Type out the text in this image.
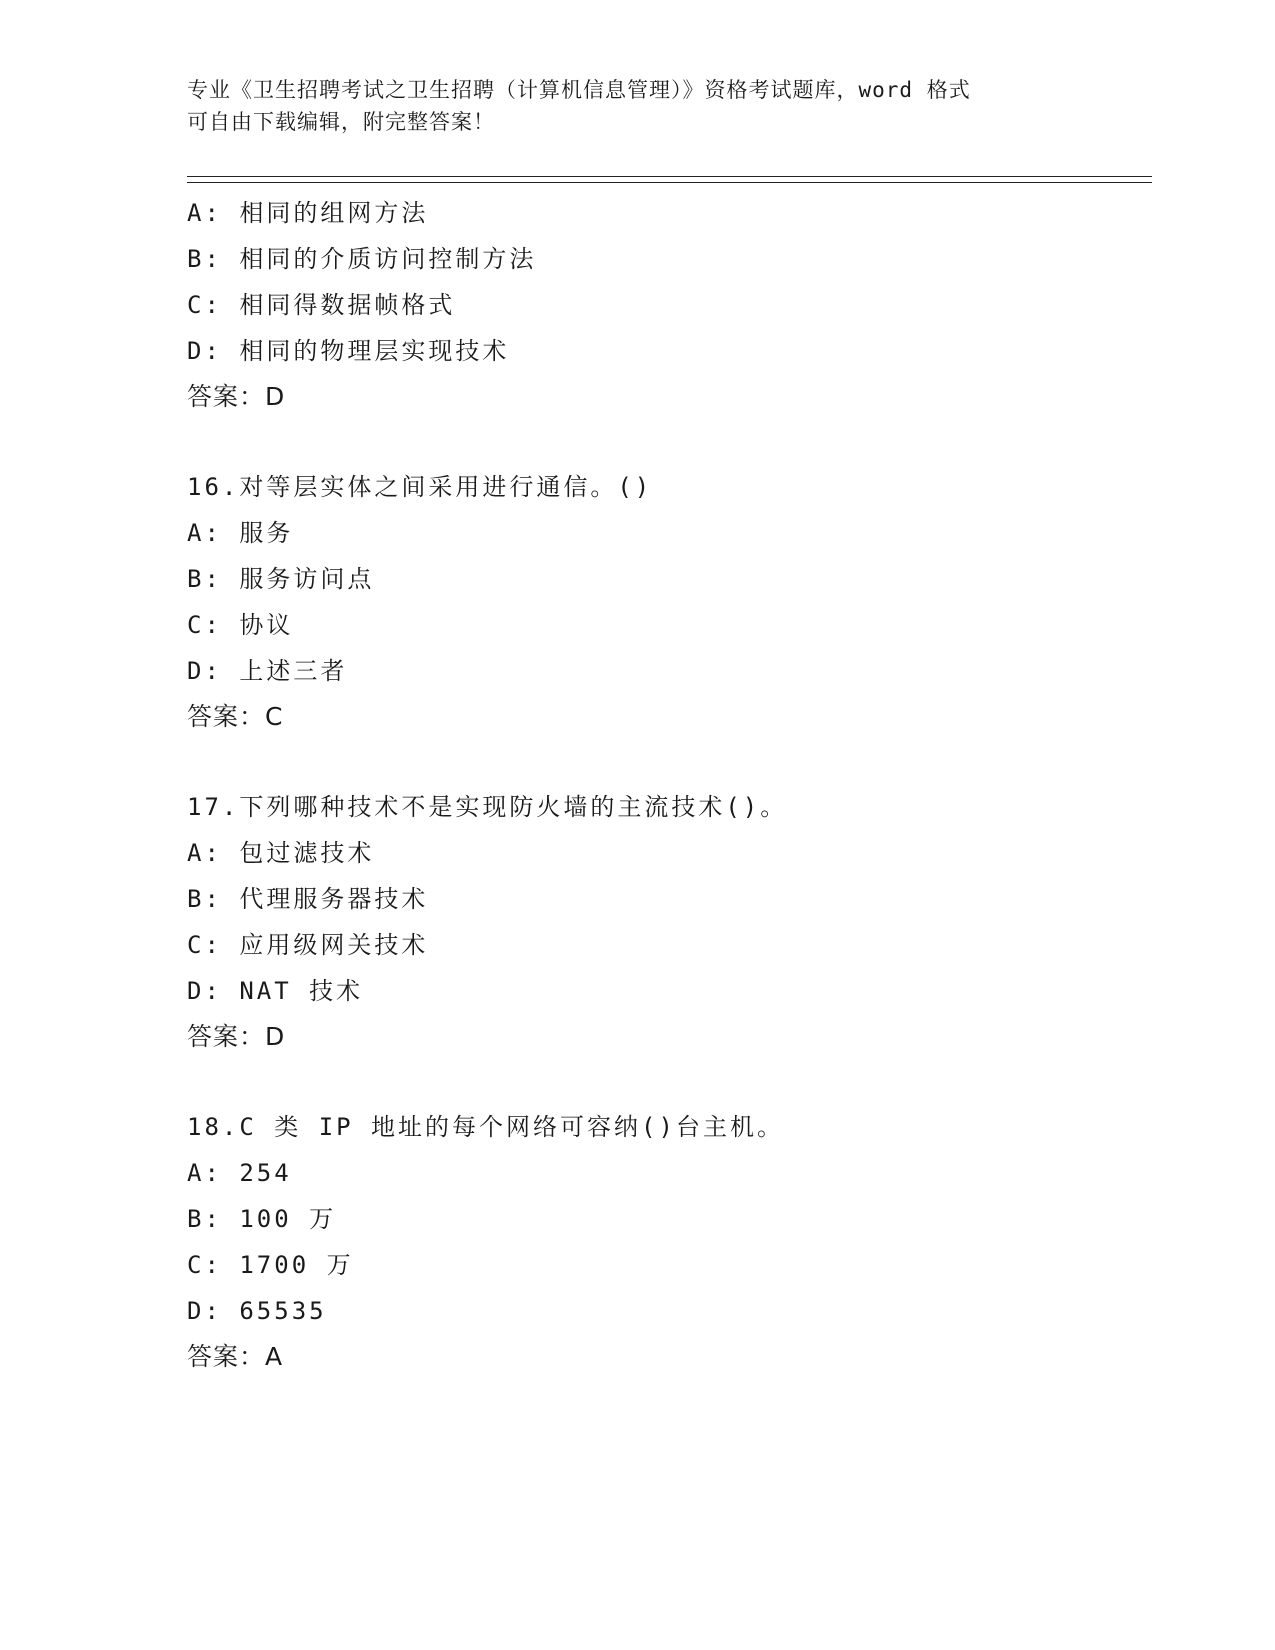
专业《卫生招聘考试之卫生招聘（计算机信息管理）》资格考试题库，word 格式
可自由下载编辑，附完整答案！
A: 相同的组网方法
B: 相同的介质访问控制方法
C: 相同得数据帧格式
D: 相同的物理层实现技术
答案：D
16.对等层实体之间采用进行通信。()
A: 服务
B: 服务访问点
C: 协议
D: 上述三者
答案：C
17.下列哪种技术不是实现防火墙的主流技术()。
A: 包过滤技术
B: 代理服务器技术
C: 应用级网关技术
D: NAT 技术
答案：D
18.C 类 IP 地址的每个网络可容纳()台主机。
A: 254
B: 100 万
C: 1700 万
D: 65535
答案：A
